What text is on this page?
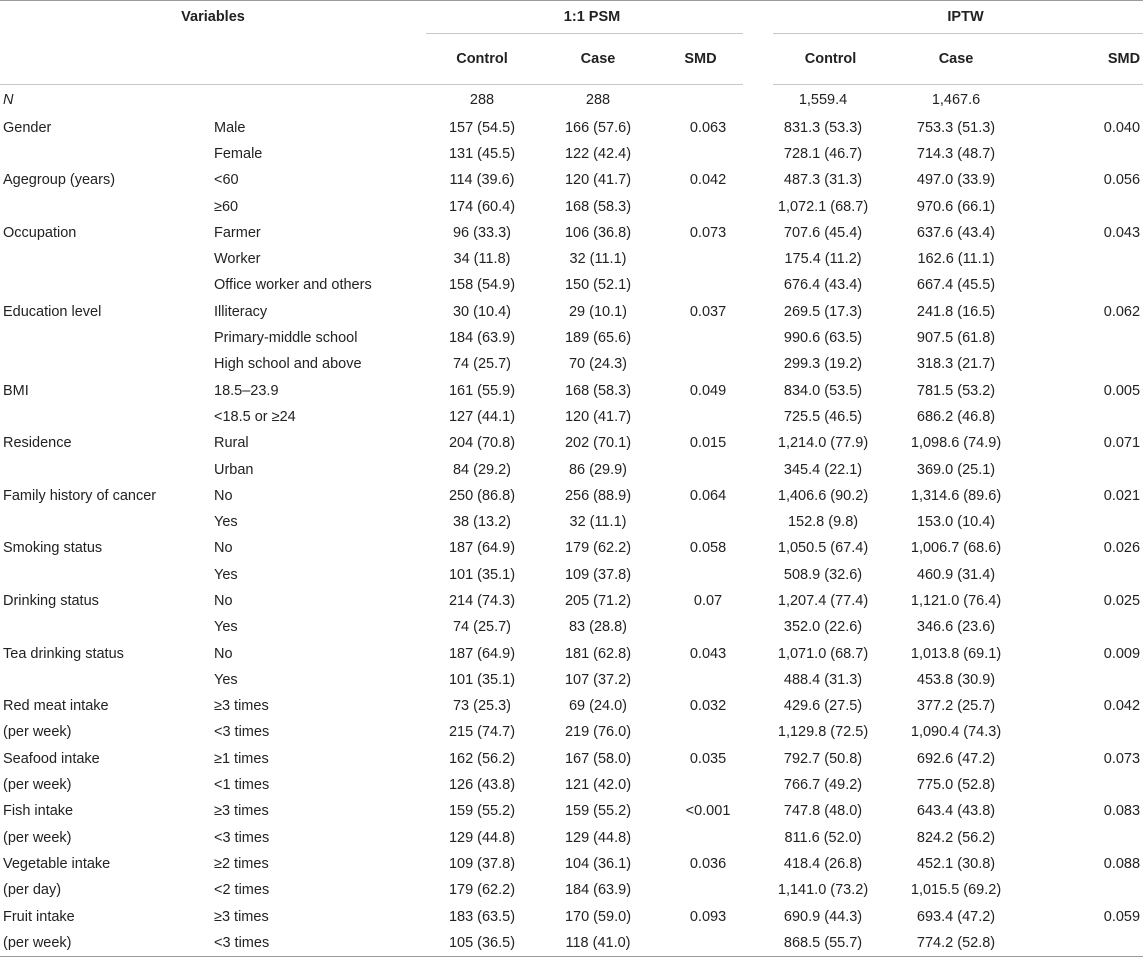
Variables		1:1 PSM			IPTW		
		Control	Case	SMD	Control	Case	SMD
N		288	288		1,559.4	1,467.6	
Gender	Male	157 (54.5)	166 (57.6)	0.063	831.3 (53.3)	753.3 (51.3)	0.040
	Female	131 (45.5)	122 (42.4)		728.1 (46.7)	714.3 (48.7)	
Agegroup (years)	<60	114 (39.6)	120 (41.7)	0.042	487.3 (31.3)	497.0 (33.9)	0.056
	≥60	174 (60.4)	168 (58.3)		1,072.1 (68.7)	970.6 (66.1)	
Occupation	Farmer	96 (33.3)	106 (36.8)	0.073	707.6 (45.4)	637.6 (43.4)	0.043
	Worker	34 (11.8)	32 (11.1)		175.4 (11.2)	162.6 (11.1)	
	Office worker and others	158 (54.9)	150 (52.1)		676.4 (43.4)	667.4 (45.5)	
Education level	Illiteracy	30 (10.4)	29 (10.1)	0.037	269.5 (17.3)	241.8 (16.5)	0.062
	Primary-middle school	184 (63.9)	189 (65.6)		990.6 (63.5)	907.5 (61.8)	
	High school and above	74 (25.7)	70 (24.3)		299.3 (19.2)	318.3 (21.7)	
BMI	18.5–23.9	161 (55.9)	168 (58.3)	0.049	834.0 (53.5)	781.5 (53.2)	0.005
	<18.5 or ≥24	127 (44.1)	120 (41.7)		725.5 (46.5)	686.2 (46.8)	
Residence	Rural	204 (70.8)	202 (70.1)	0.015	1,214.0 (77.9)	1,098.6 (74.9)	0.071
	Urban	84 (29.2)	86 (29.9)		345.4 (22.1)	369.0 (25.1)	
Family history of cancer	No	250 (86.8)	256 (88.9)	0.064	1,406.6 (90.2)	1,314.6 (89.6)	0.021
	Yes	38 (13.2)	32 (11.1)		152.8 (9.8)	153.0 (10.4)	
Smoking status	No	187 (64.9)	179 (62.2)	0.058	1,050.5 (67.4)	1,006.7 (68.6)	0.026
	Yes	101 (35.1)	109 (37.8)		508.9 (32.6)	460.9 (31.4)	
Drinking status	No	214 (74.3)	205 (71.2)	0.07	1,207.4 (77.4)	1,121.0 (76.4)	0.025
	Yes	74 (25.7)	83 (28.8)		352.0 (22.6)	346.6 (23.6)	
Tea drinking status	No	187 (64.9)	181 (62.8)	0.043	1,071.0 (68.7)	1,013.8 (69.1)	0.009
	Yes	101 (35.1)	107 (37.2)		488.4 (31.3)	453.8 (30.9)	
Red meat intake	≥3 times	73 (25.3)	69 (24.0)	0.032	429.6 (27.5)	377.2 (25.7)	0.042
(per week)	<3 times	215 (74.7)	219 (76.0)		1,129.8 (72.5)	1,090.4 (74.3)	
Seafood intake	≥1 times	162 (56.2)	167 (58.0)	0.035	792.7 (50.8)	692.6 (47.2)	0.073
(per week)	<1 times	126 (43.8)	121 (42.0)		766.7 (49.2)	775.0 (52.8)	
Fish intake	≥3 times	159 (55.2)	159 (55.2)	<0.001	747.8 (48.0)	643.4 (43.8)	0.083
(per week)	<3 times	129 (44.8)	129 (44.8)		811.6 (52.0)	824.2 (56.2)	
Vegetable intake	≥2 times	109 (37.8)	104 (36.1)	0.036	418.4 (26.8)	452.1 (30.8)	0.088
(per day)	<2 times	179 (62.2)	184 (63.9)		1,141.0 (73.2)	1,015.5 (69.2)	
Fruit intake	≥3 times	183 (63.5)	170 (59.0)	0.093	690.9 (44.3)	693.4 (47.2)	0.059
(per week)	<3 times	105 (36.5)	118 (41.0)		868.5 (55.7)	774.2 (52.8)	
